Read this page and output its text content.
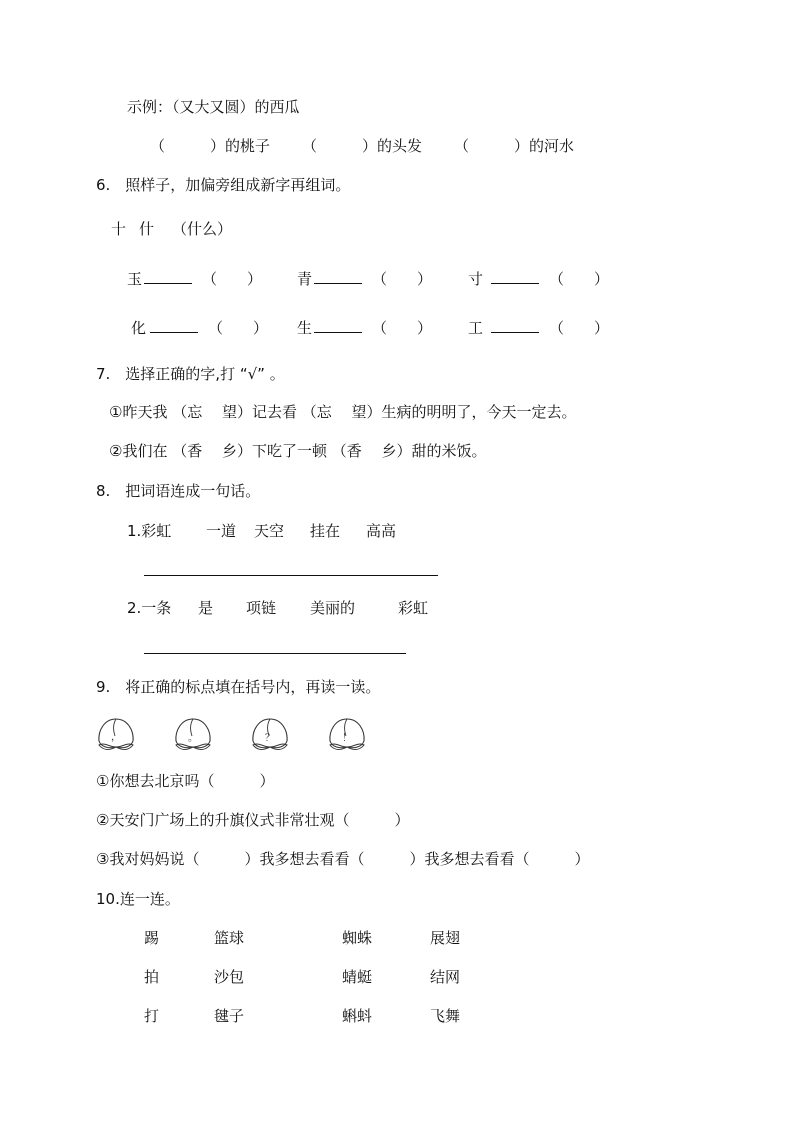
示例：（又大又圆）的西瓜
（　　　）的桃子 （　　　）的头发 （　　　）的河水
6.　照样子，加偏旁组成新字再组词。
十 什 （什么）
玉	（　　） 青	（　　） 寸	（　　）
化	（　　） 生	（　　） 工	（　　）
7.　选择正确的字,打 “√” 。
①昨天我 （忘　 望）记去看 （忘　 望）生病的明明了，今天一定去。
②我们在 （香　 乡）下吃了一顿 （香　 乡）甜的米饭。
8.　把词语连成一句话。
1.彩虹 一道 天空 挂在 高高
2.一条 是 项链 美丽的	彩虹
9.　将正确的标点填在括号内，再读一读。
，	。	？	！
①你想去北京吗（　　　）
②天安门广场上的升旗仪式非常壮观（　　　）
③我对妈妈说（　　　）我多想去看看（　　　）我多想去看看（　　　）
10.连一连。
踢	篮球	蜘蛛	展翅
拍	沙包	蜻蜓	结网
打	毽子	蝌蚪	飞舞
